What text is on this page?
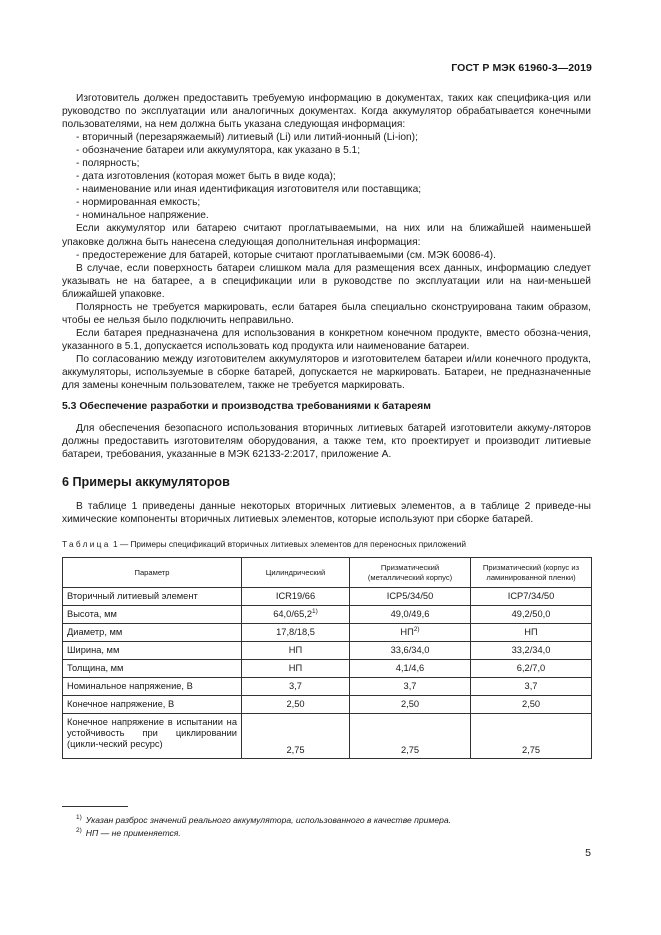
ГОСТ Р МЭК 61960-3—2019

Изготовитель должен предоставить требуемую информацию в документах, таких как специфика-ция или руководство по эксплуатации или аналогичных документах. Когда аккумулятор обрабатывается конечными пользователями, на нем должна быть указана следующая информация:

- вторичный (перезаряжаемый) литиевый (Li) или литий-ионный (Li-ion);

- обозначение батареи или аккумулятора, как указано в 5.1;

- полярность;

- дата изготовления (которая может быть в виде кода);

- наименование или иная идентификация изготовителя или поставщика;

- нормированная емкость;

- номинальное напряжение.

Если аккумулятор или батарею считают проглатываемыми, на них или на ближайшей наименьшей упаковке должна быть нанесена следующая дополнительная информация:

- предостережение для батарей, которые считают проглатываемыми (см. МЭК 60086-4).

В случае, если поверхность батареи слишком мала для размещения всех данных, информацию следует указывать не на батарее, а в спецификации или в руководстве по эксплуатации или на наи-меньшей ближайшей упаковке.

Полярность не требуется маркировать, если батарея была специально сконструирована таким образом, чтобы ее нельзя было подключить неправильно.

Если батарея предназначена для использования в конкретном конечном продукте, вместо обозна-чения, указанного в 5.1, допускается использовать код продукта или наименование батареи.

По согласованию между изготовителем аккумуляторов и изготовителем батареи и/или конечного продукта, аккумуляторы, используемые в сборке батарей, допускается не маркировать. Батареи, не предназначенные для замены конечным пользователем, также не требуется маркировать.

5.3 Обеспечение разработки и производства требованиями к батареям

Для обеспечения безопасного использования вторичных литиевых батарей изготовители аккуму-ляторов должны предоставить изготовителям оборудования, а также тем, кто проектирует и производит литиевые батареи, требования, указанные в МЭК 62133-2:2017, приложение А.

6 Примеры аккумуляторов

В таблице 1 приведены данные некоторых вторичных литиевых элементов, а в таблице 2 приведе-ны химические компоненты вторичных литиевых элементов, которые используют при сборке батарей.

Таблица 1 — Примеры спецификаций вторичных литиевых элементов для переносных приложений
Параметр	Цилиндрический	Призматический (металлический корпус)	Призматический (корпус из ламинированной пленки)
Вторичный литиевый элемент	ICR19/66	ICP5/34/50	ICP7/34/50
Высота, мм	64,0/65,2$^{1)}$	49,0/49,6	49,2/50,0
Диаметр, мм	17,8/18,5	НП$^{2)}$	НП
Ширина, мм	НП	33,6/34,0	33,2/34,0
Толщина, мм	НП	4,1/4,6	6,2/7,0
Номинальное напряжение, В	3,7	3,7	3,7
Конечное напряжение, В	2,50	2,50	2,50
Конечное напряжение в испытании на устойчивость при циклировании (цикли-ческий ресурс)	2,75	2,75	2,75
$^{1)}$ Указан разброс значений реального аккумулятора, использованного в качестве примера.
$^{2)}$ НП — не применяется.
5
